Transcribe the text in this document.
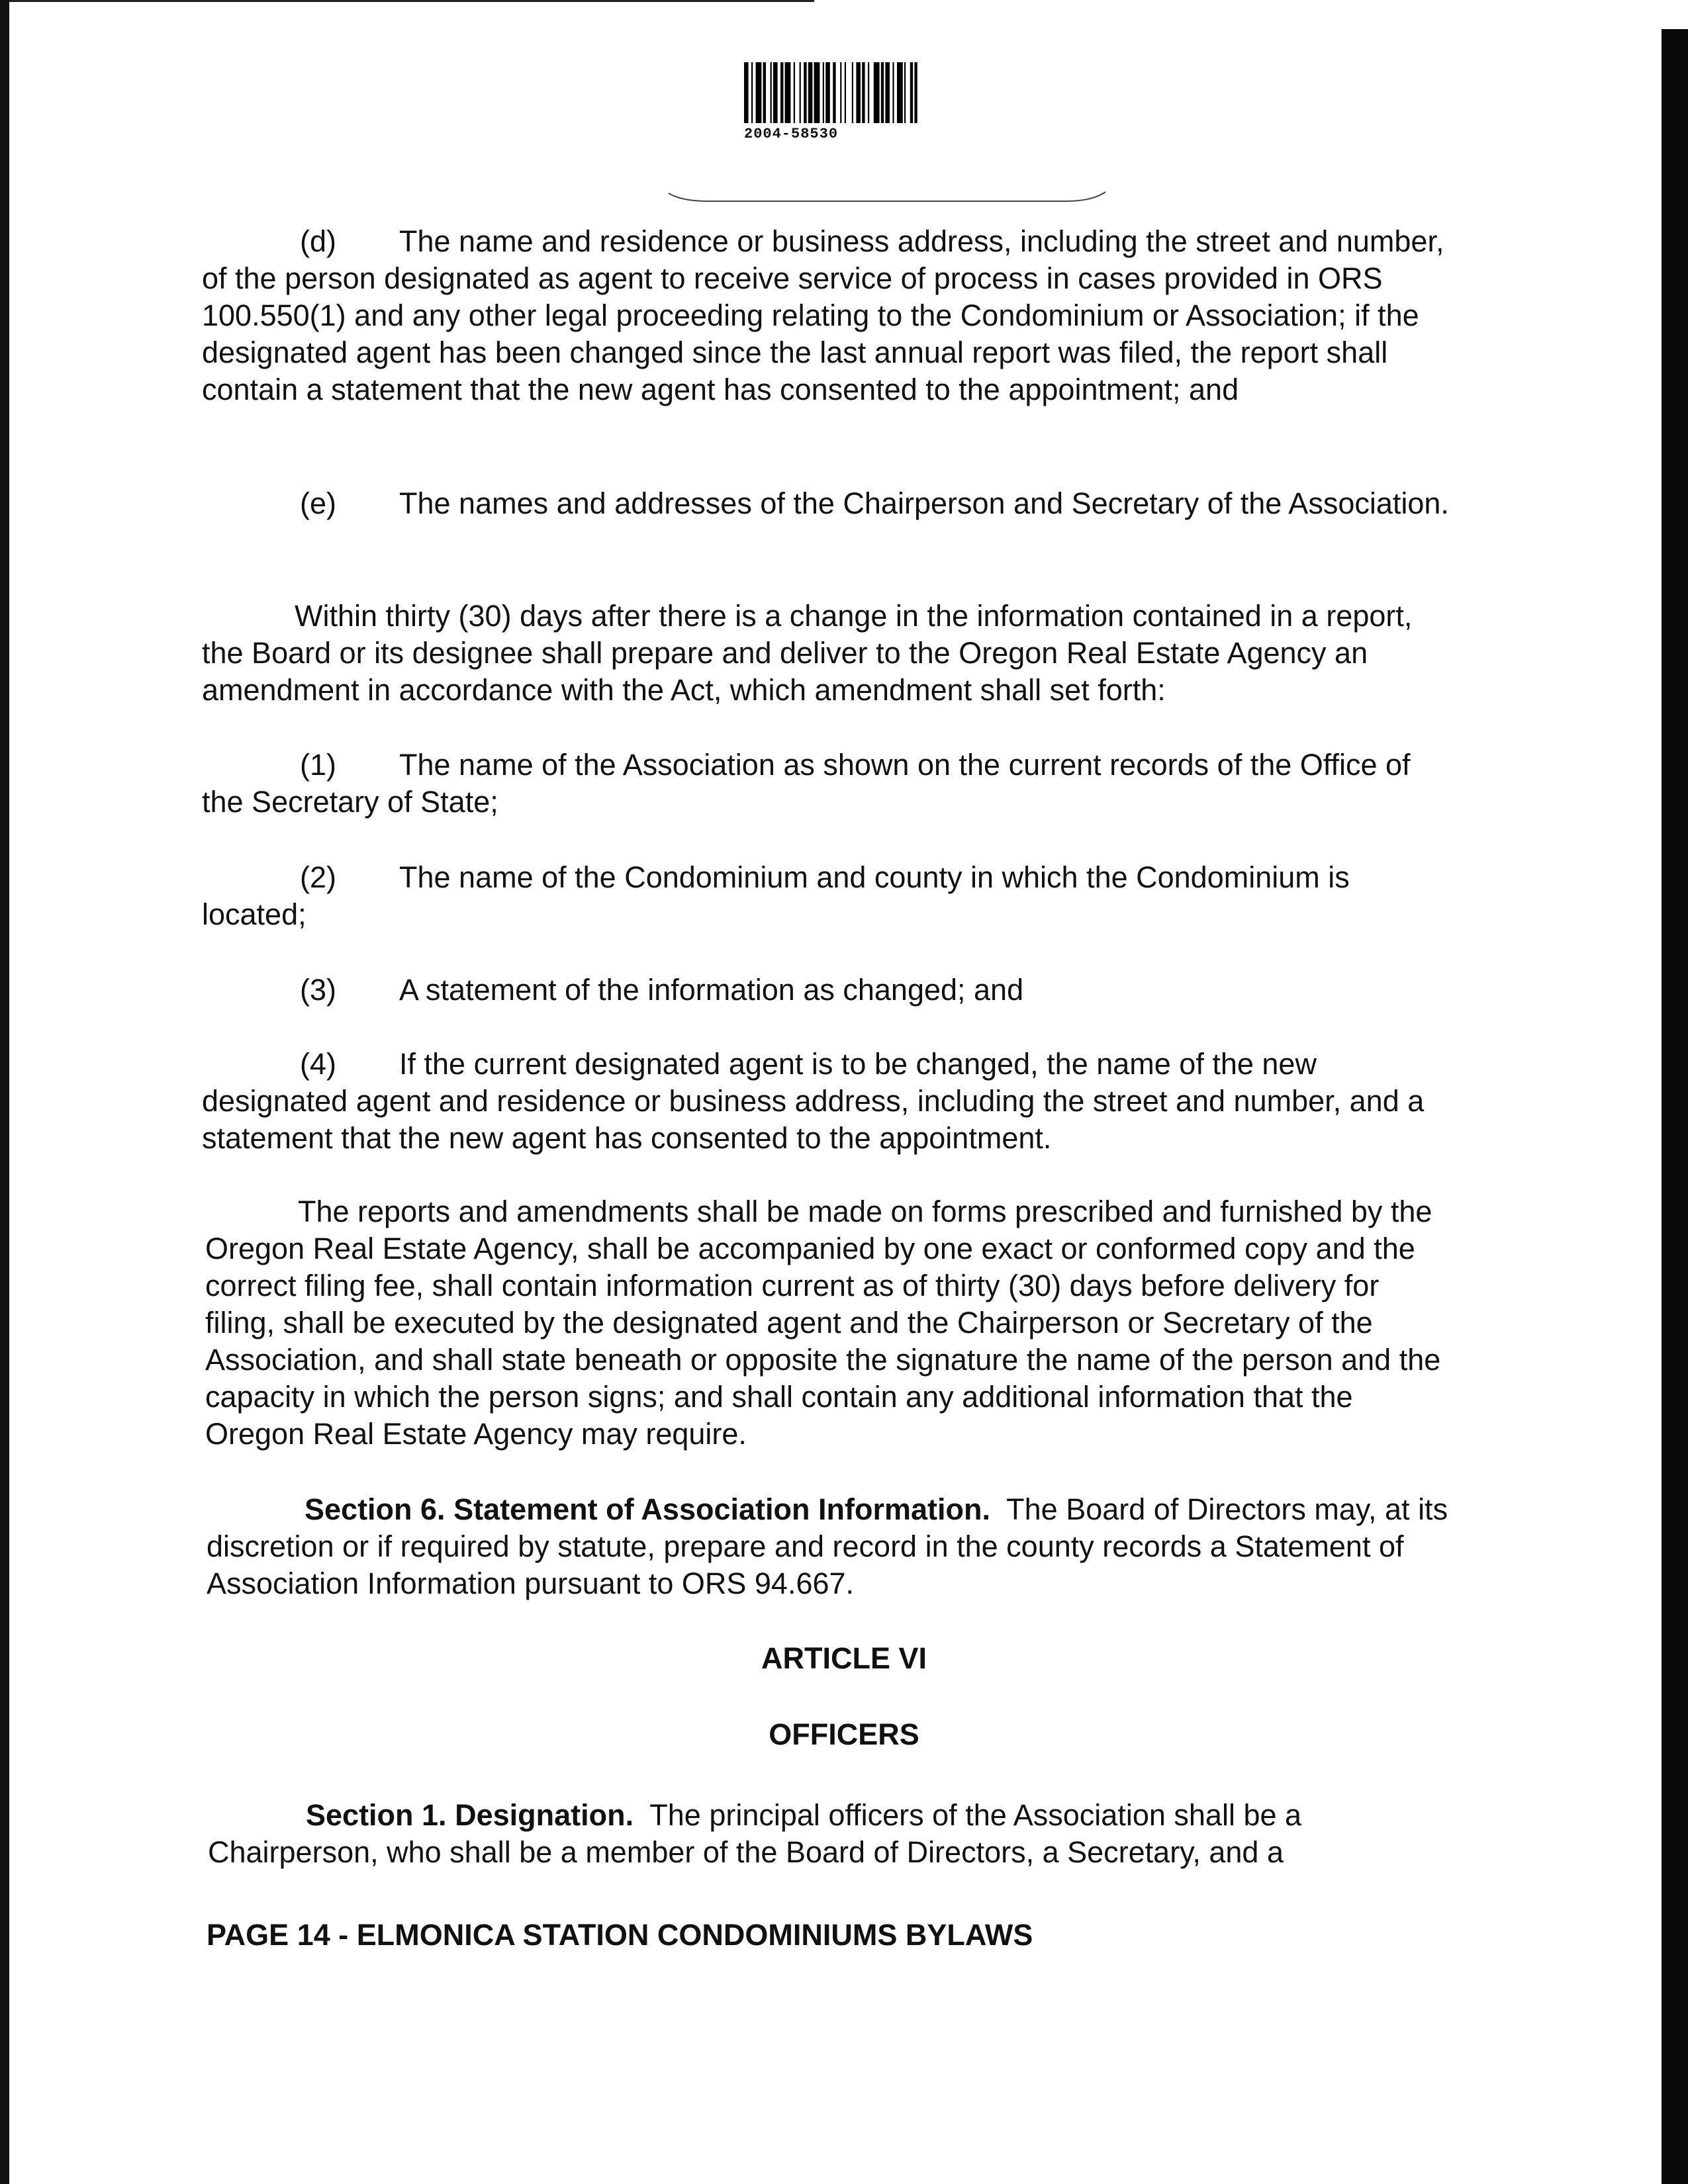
2004-58530

(d) The name and residence or business address, including the street and number, of the person designated as agent to receive service of process in cases provided in ORS 100.550(1) and any other legal proceeding relating to the Condominium or Association; if the designated agent has been changed since the last annual report was filed, the report shall contain a statement that the new agent has consented to the appointment; and

(e) The names and addresses of the Chairperson and Secretary of the Association.

Within thirty (30) days after there is a change in the information contained in a report, the Board or its designee shall prepare and deliver to the Oregon Real Estate Agency an amendment in accordance with the Act, which amendment shall set forth:

(1) The name of the Association as shown on the current records of the Office of the Secretary of State;

(2) The name of the Condominium and county in which the Condominium is located;

(3) A statement of the information as changed; and

(4) If the current designated agent is to be changed, the name of the new designated agent and residence or business address, including the street and number, and a statement that the new agent has consented to the appointment.

The reports and amendments shall be made on forms prescribed and furnished by the Oregon Real Estate Agency, shall be accompanied by one exact or conformed copy and the correct filing fee, shall contain information current as of thirty (30) days before delivery for filing, shall be executed by the designated agent and the Chairperson or Secretary of the Association, and shall state beneath or opposite the signature the name of the person and the capacity in which the person signs; and shall contain any additional information that the Oregon Real Estate Agency may require.

Section 6. Statement of Association Information. The Board of Directors may, at its discretion or if required by statute, prepare and record in the county records a Statement of Association Information pursuant to ORS 94.667.

ARTICLE VI

OFFICERS

Section 1. Designation. The principal officers of the Association shall be a Chairperson, who shall be a member of the Board of Directors, a Secretary, and a

PAGE 14 - ELMONICA STATION CONDOMINIUMS BYLAWS
